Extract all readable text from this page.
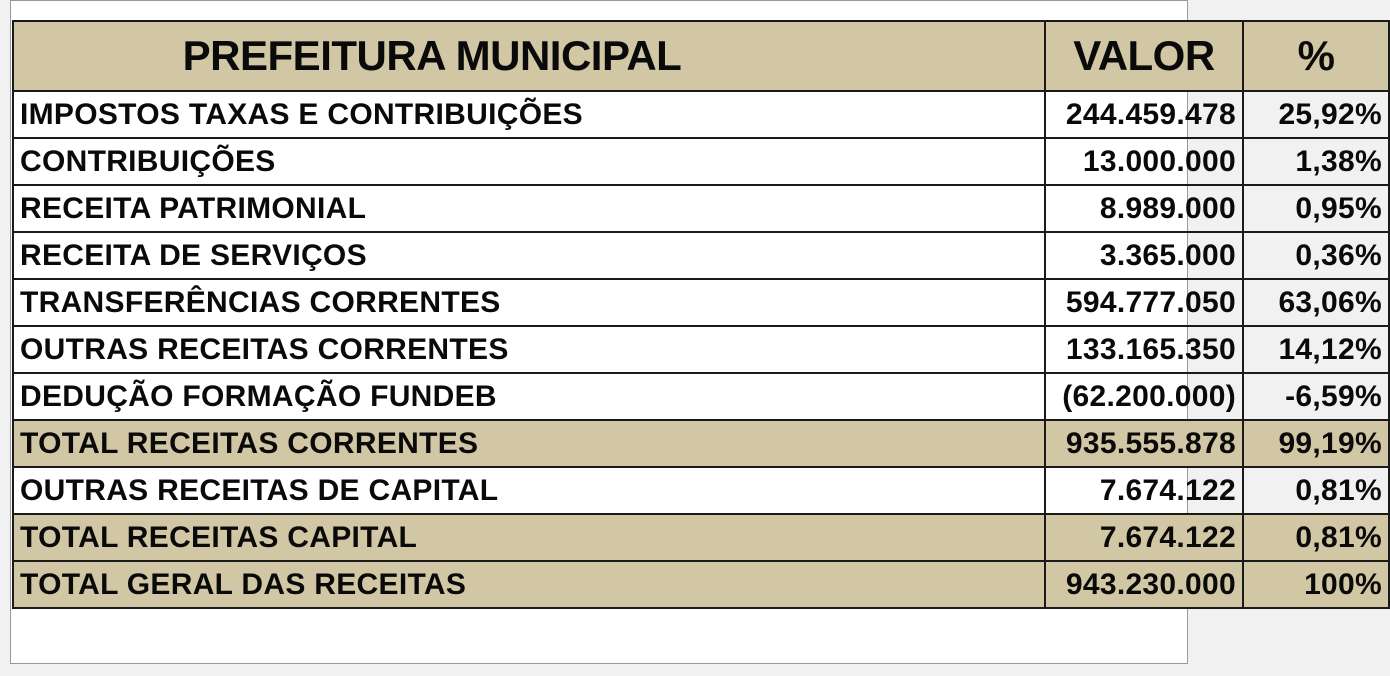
PREFEITURA MUNICIPAL	VALOR	%
IMPOSTOS TAXAS E CONTRIBUIÇÕES	244.459.478	25,92%
CONTRIBUIÇÕES	13.000.000	1,38%
RECEITA PATRIMONIAL	8.989.000	0,95%
RECEITA DE SERVIÇOS	3.365.000	0,36%
TRANSFERÊNCIAS CORRENTES	594.777.050	63,06%
OUTRAS RECEITAS CORRENTES	133.165.350	14,12%
DEDUÇÃO FORMAÇÃO FUNDEB	(62.200.000)	-6,59%
TOTAL RECEITAS CORRENTES	935.555.878	99,19%
OUTRAS RECEITAS DE CAPITAL	7.674.122	0,81%
TOTAL RECEITAS CAPITAL	7.674.122	0,81%
TOTAL GERAL DAS RECEITAS	943.230.000	100%
